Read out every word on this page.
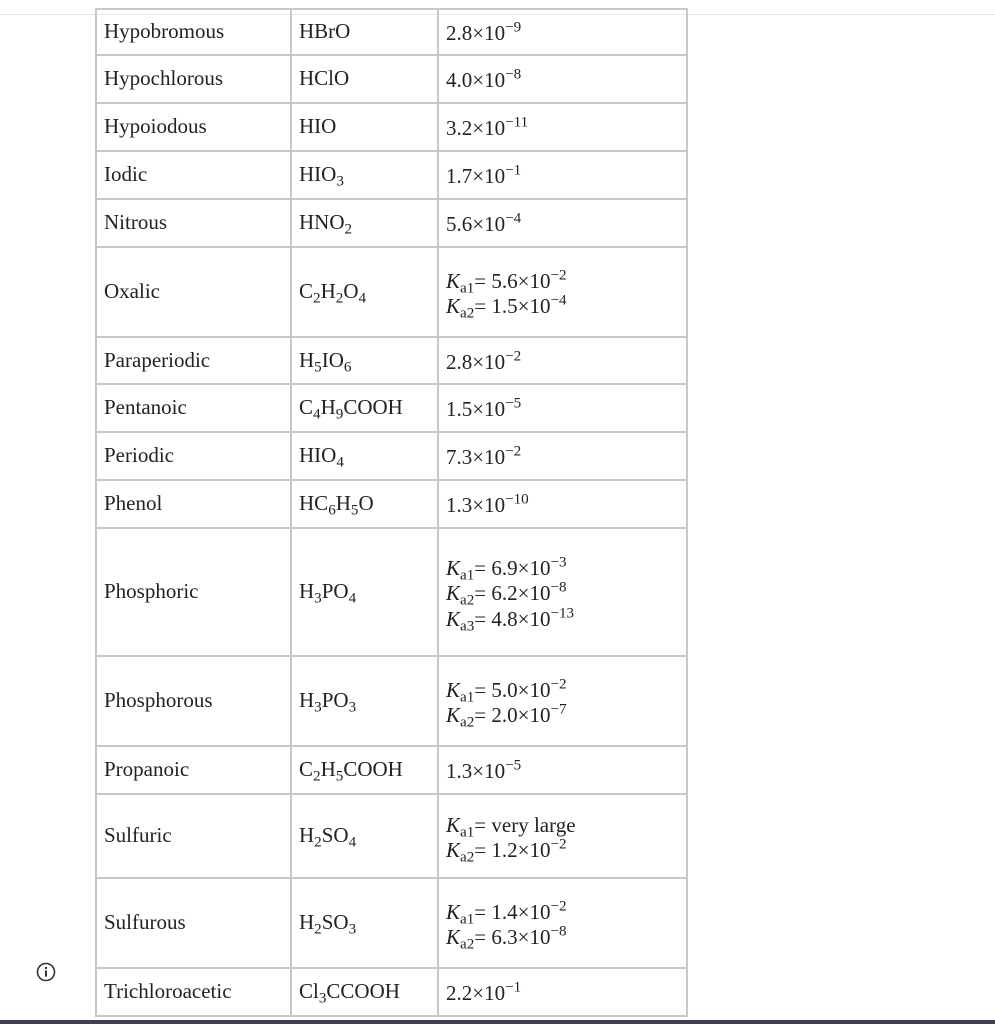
Hypobromous	HBrO	$2.8\times 10^{-9}$

Hypochlorous	HClO	$4.0\times 10^{-8}$

Hypoiodous	HIO	$3.2\times 10^{-11}$

Iodic	$HIO_3$	$1.7\times 10^{-1}$

Nitrous	$HNO_2$	$5.6\times 10^{-4}$

Oxalic	$C_2H_2O_4$	$K_{a1}= 5.6\times 10^{-2}$
$K_{a2}= 1.5\times 10^{-4}$

Paraperiodic	$H_5IO_6$	$2.8\times 10^{-2}$

Pentanoic	$C_4H_9COOH$	$1.5\times 10^{-5}$

Periodic	$HIO_4$	$7.3\times 10^{-2}$

Phenol	$HC_6H_5O$	$1.3\times 10^{-10}$

Phosphoric	$H_3PO_4$	$K_{a1}= 6.9\times 10^{-3}$
$K_{a2}= 6.2\times 10^{-8}$
$K_{a3}= 4.8\times 10^{-13}$

Phosphorous	$H_3PO_3$	$K_{a1}= 5.0\times 10^{-2}$
$K_{a2}= 2.0\times 10^{-7}$

Propanoic	$C_2H_5COOH$	$1.3\times 10^{-5}$

Sulfuric	$H_2SO_4$	$K_{a1}=$ very large
$K_{a2}= 1.2\times 10^{-2}$

Sulfurous	$H_2SO_3$	$K_{a1}= 1.4\times 10^{-2}$
$K_{a2}= 6.3\times 10^{-8}$

Trichloroacetic	$Cl_3CCOOH$	$2.2\times 10^{-1}$
